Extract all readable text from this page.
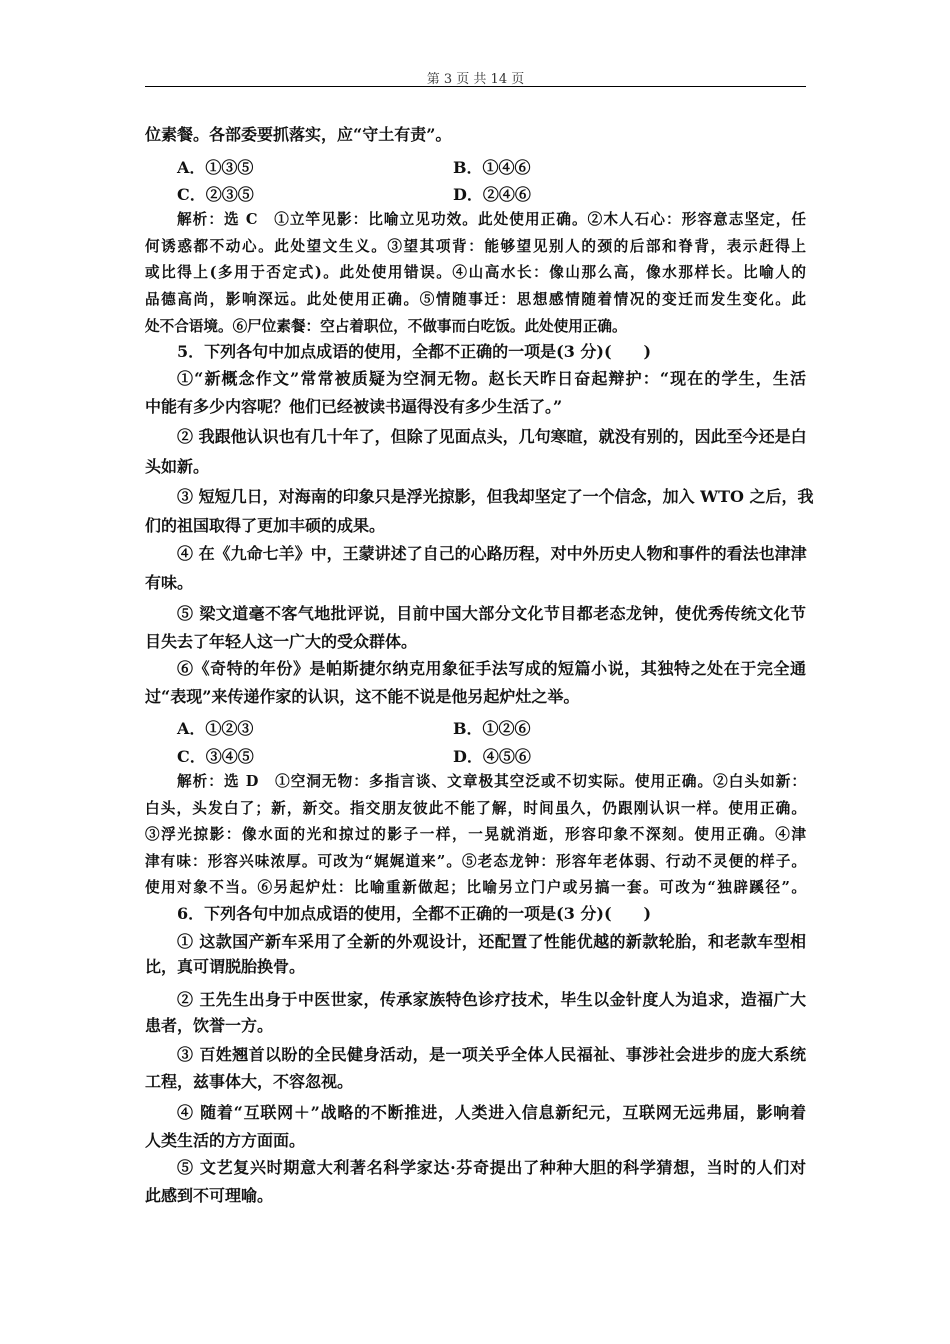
第 3 页 共 14 页
位素餐。各部委要抓落实，应“守土有责”。
A．①③⑤	B．①④⑥
C．②③⑤	D．②④⑥
解析：选 C　①立竿见影：比喻立见功效。此处使用正确。②木人石心：形容意志坚定，任
何诱惑都不动心。此处望文生义。③望其项背：能够望见别人的颈的后部和脊背，表示赶得上
或比得上(多用于否定式)。此处使用错误。④山高水长：像山那么高，像水那样长。比喻人的
品德高尚，影响深远。此处使用正确。⑤情随事迁：思想感情随着情况的变迁而发生变化。此
处不合语境。⑥尸位素餐：空占着职位，不做事而白吃饭。此处使用正确。
5．下列各句中加点成语的使用，全都不正确的一项是(3 分)(　　)
①“新概念作文”常常被质疑为空洞无物。赵长天昨日奋起辩护：“现在的学生，生活
中能有多少内容呢？他们已经被读书逼得没有多少生活了。”
② 我跟他认识也有几十年了，但除了见面点头，几句寒暄，就没有别的，因此至今还是白
头如新。
③ 短短几日，对海南的印象只是浮光掠影，但我却坚定了一个信念，加入 WTO 之后，我
们的祖国取得了更加丰硕的成果。
④ 在《九命七羊》中，王蒙讲述了自己的心路历程，对中外历史人物和事件的看法也津津
有味。
⑤ 梁文道毫不客气地批评说，目前中国大部分文化节目都老态龙钟，使优秀传统文化节
目失去了年轻人这一广大的受众群体。
⑥《奇特的年份》是帕斯捷尔纳克用象征手法写成的短篇小说，其独特之处在于完全通
过“表现”来传递作家的认识，这不能不说是他另起炉灶之举。
A．①②③	B．①②⑥
C．③④⑤	D．④⑤⑥
解析：选 D　①空洞无物：多指言谈、文章极其空泛或不切实际。使用正确。②白头如新：
白头，头发白了；新，新交。指交朋友彼此不能了解，时间虽久，仍跟刚认识一样。使用正确。
③浮光掠影：像水面的光和掠过的影子一样，一晃就消逝，形容印象不深刻。使用正确。④津
津有味：形容兴味浓厚。可改为“娓娓道来”。⑤老态龙钟：形容年老体弱、行动不灵便的样子。
使用对象不当。⑥另起炉灶：比喻重新做起；比喻另立门户或另搞一套。可改为“独辟蹊径”。
6．下列各句中加点成语的使用，全都不正确的一项是(3 分)(　　)
① 这款国产新车采用了全新的外观设计，还配置了性能优越的新款轮胎，和老款车型相
比，真可谓脱胎换骨。
② 王先生出身于中医世家，传承家族特色诊疗技术，毕生以金针度人为追求，造福广大
患者，饮誉一方。
③ 百姓翘首以盼的全民健身活动，是一项关乎全体人民福祉、事涉社会进步的庞大系统
工程，兹事体大，不容忽视。
④ 随着“互联网＋”战略的不断推进，人类进入信息新纪元，互联网无远弗届，影响着
人类生活的方方面面。
⑤ 文艺复兴时期意大利著名科学家达·芬奇提出了种种大胆的科学猜想，当时的人们对
此感到不可理喻。
